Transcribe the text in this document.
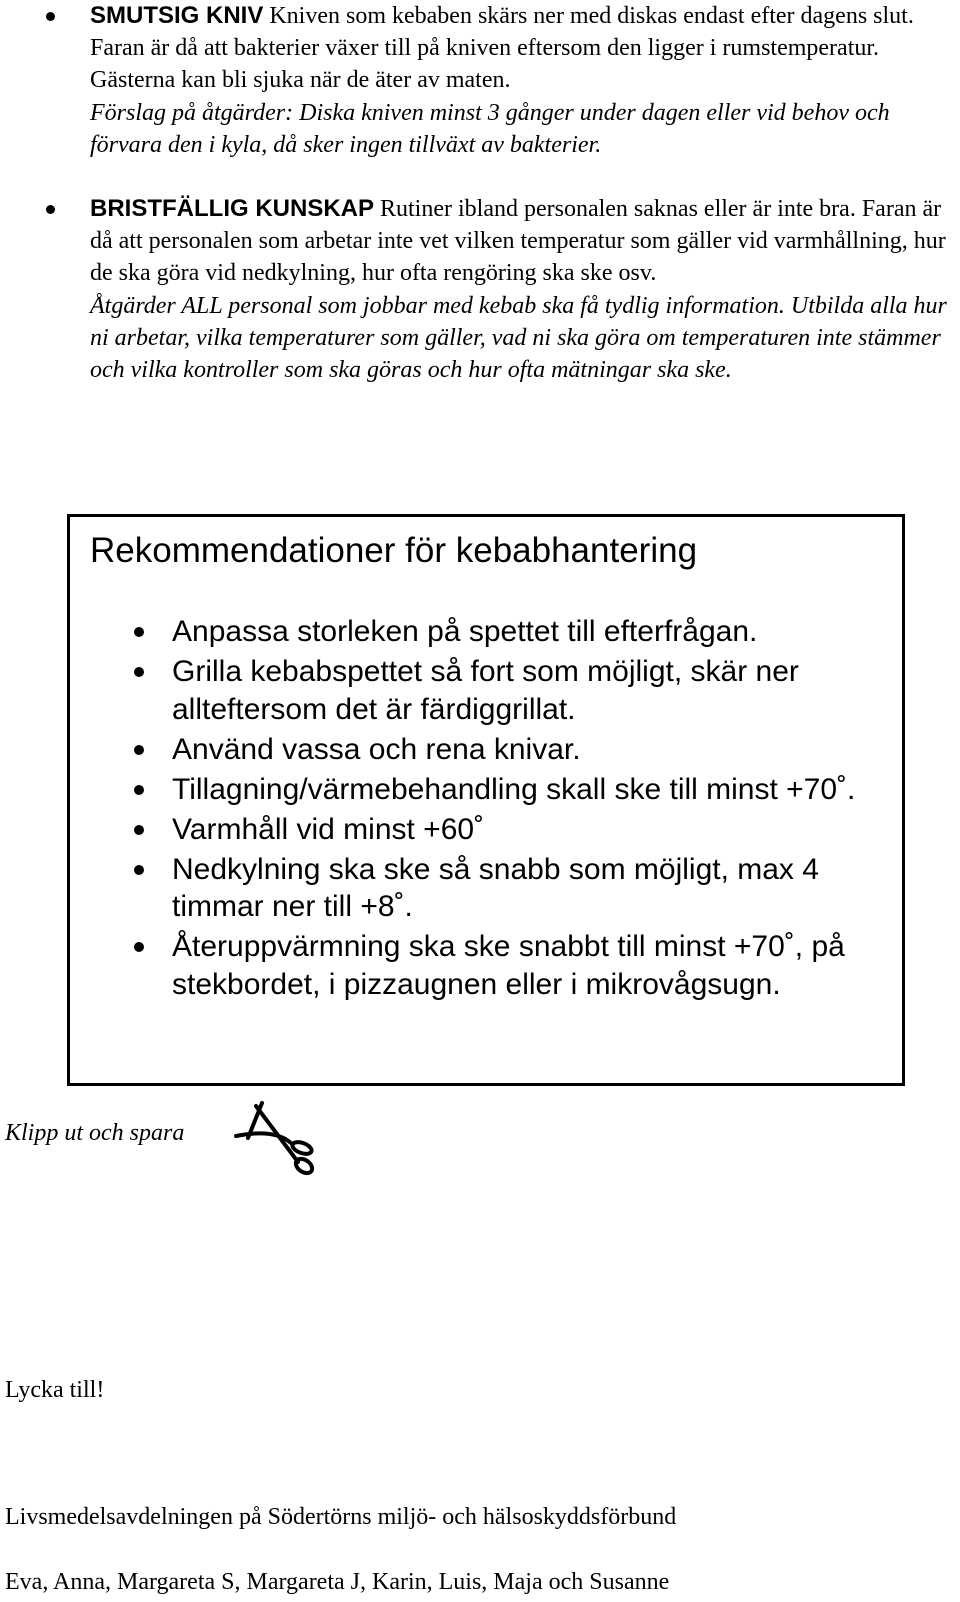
SMUTSIG KNIV Kniven som kebaben skärs ner med diskas endast efter dagens slut. Faran är då att bakterier växer till på kniven eftersom den ligger i rumstemperatur. Gästerna kan bli sjuka när de äter av maten.
Förslag på åtgärder: Diska kniven minst 3 gånger under dagen eller vid behov och förvara den i kyla, då sker ingen tillväxt av bakterier.
BRISTFÄLLIG KUNSKAP Rutiner ibland personalen saknas eller är inte bra. Faran är då att personalen som arbetar inte vet vilken temperatur som gäller vid varmhållning, hur de ska göra vid nedkylning, hur ofta rengöring ska ske osv.
Åtgärder ALL personal som jobbar med kebab ska få tydlig information. Utbilda alla hur ni arbetar, vilka temperaturer som gäller, vad ni ska göra om temperaturen inte stämmer och vilka kontroller som ska göras och hur ofta mätningar ska ske.
Rekommendationer för kebabhantering
Anpassa storleken på spettet till efterfrågan.
Grilla kebabspettet så fort som möjligt, skär ner allteftersom det är färdiggrillat.
Använd vassa och rena knivar.
Tillagning/värmebehandling skall ske till minst +70˚.
Varmhåll vid minst +60˚
Nedkylning ska ske så snabb som möjligt, max 4 timmar ner till +8˚.
Återuppvärmning ska ske snabbt till minst +70˚, på stekbordet, i pizzaugnen eller i mikrovågsugn.
Klipp ut och spara
Lycka till!
Livsmedelsavdelningen på Södertörns miljö- och hälsoskyddsförbund
Eva, Anna, Margareta S, Margareta J, Karin, Luis, Maja och Susanne
